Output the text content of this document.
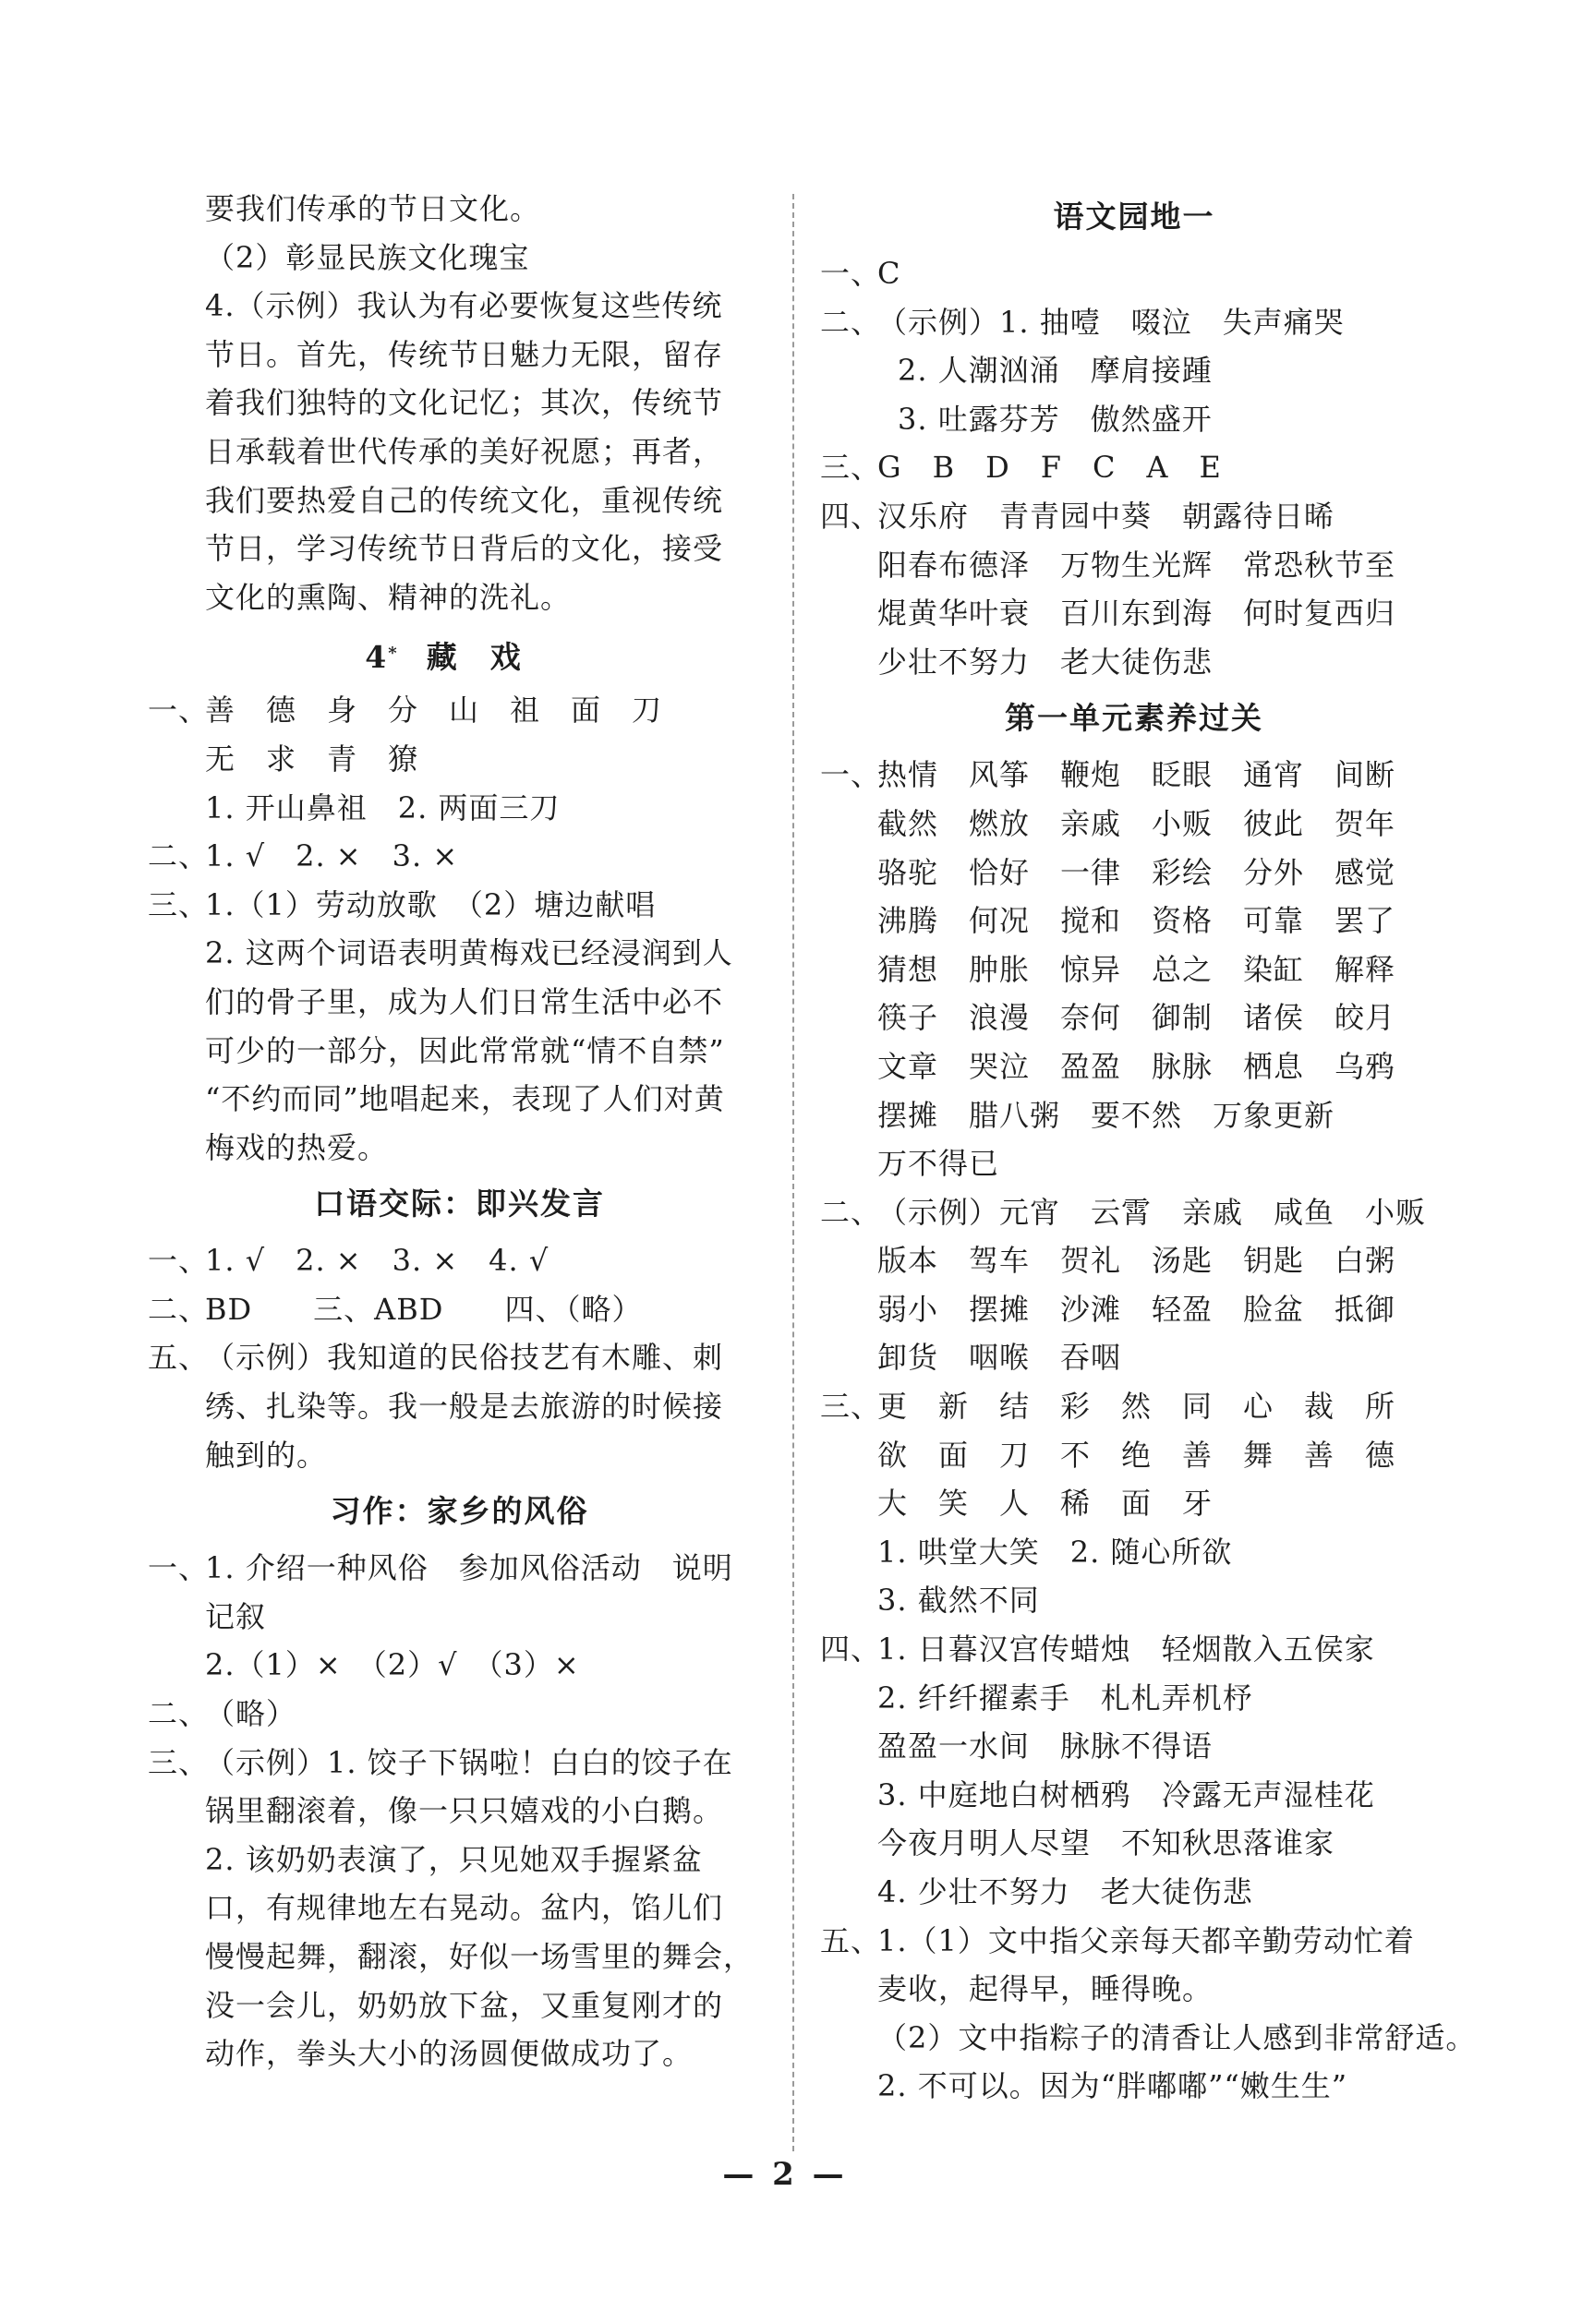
要我们传承的节日文化。
（2）彰显民族文化瑰宝
4.（示例）我认为有必要恢复这些传统
节日。首先，传统节日魅力无限，留存
着我们独特的文化记忆；其次，传统节
日承载着世代传承的美好祝愿；再者，
我们要热爱自己的传统文化，重视传统
节日，学习传统节日背后的文化，接受
文化的熏陶、精神的洗礼。
4* 藏戏
一、
善　德　身　分　山　祖　面　刀
无　求　青　獠
1. 开山鼻祖　2. 两面三刀
二、
1. √　2. ×　3. ×
三、
1.（1）劳动放歌　（2）塘边献唱
2. 这两个词语表明黄梅戏已经浸润到人
们的骨子里，成为人们日常生活中必不
可少的一部分，因此常常就“情不自禁”
“不约而同”地唱起来，表现了人们对黄
梅戏的热爱。
口语交际：即兴发言
一、
1. √　2. ×　3. ×　4. √
二、
BD　　三、ABD　　四、（略）
五、
（示例）我知道的民俗技艺有木雕、刺
绣、扎染等。我一般是去旅游的时候接
触到的。
习作：家乡的风俗
一、
1. 介绍一种风俗　参加风俗活动　说明
记叙
2.（1）×　（2）√　（3）×
二、
（略）
三、
（示例）1. 饺子下锅啦！白白的饺子在
锅里翻滚着，像一只只嬉戏的小白鹅。
2. 该奶奶表演了，只见她双手握紧盆
口，有规律地左右晃动。盆内，馅儿们
慢慢起舞，翻滚，好似一场雪里的舞会，
没一会儿，奶奶放下盆，又重复刚才的
动作，拳头大小的汤圆便做成功了。
语文园地一
一、
C
二、
（示例）1. 抽噎　啜泣　失声痛哭
2. 人潮汹涌　摩肩接踵
3. 吐露芬芳　傲然盛开
三、
G　B　D　F　C　A　E
四、
汉乐府　青青园中葵　朝露待日晞
阳春布德泽　万物生光辉　常恐秋节至
焜黄华叶衰　百川东到海　何时复西归
少壮不努力　老大徒伤悲
第一单元素养过关
一、
热情　风筝　鞭炮　眨眼　通宵　间断
截然　燃放　亲戚　小贩　彼此　贺年
骆驼　恰好　一律　彩绘　分外　感觉
沸腾　何况　搅和　资格　可靠　罢了
猜想　肿胀　惊异　总之　染缸　解释
筷子　浪漫　奈何　御制　诸侯　皎月
文章　哭泣　盈盈　脉脉　栖息　乌鸦
摆摊　腊八粥　要不然　万象更新
万不得已
二、
（示例）元宵　云霄　亲戚　咸鱼　小贩
版本　驾车　贺礼　汤匙　钥匙　白粥
弱小　摆摊　沙滩　轻盈　脸盆　抵御
卸货　咽喉　吞咽
三、
更　新　结　彩　然　同　心　裁　所
欲　面　刀　不　绝　善　舞　善　德
大　笑　人　稀　面　牙
1. 哄堂大笑　2. 随心所欲
3. 截然不同
四、
1. 日暮汉宫传蜡烛　轻烟散入五侯家
2. 纤纤擢素手　札札弄机杼
盈盈一水间　脉脉不得语
3. 中庭地白树栖鸦　冷露无声湿桂花
今夜月明人尽望　不知秋思落谁家
4. 少壮不努力　老大徒伤悲
五、
1.（1）文中指父亲每天都辛勤劳动忙着
麦收，起得早，睡得晚。
（2）文中指粽子的清香让人感到非常舒适。
2. 不可以。因为“胖嘟嘟”“嫩生生”
— 2 —
